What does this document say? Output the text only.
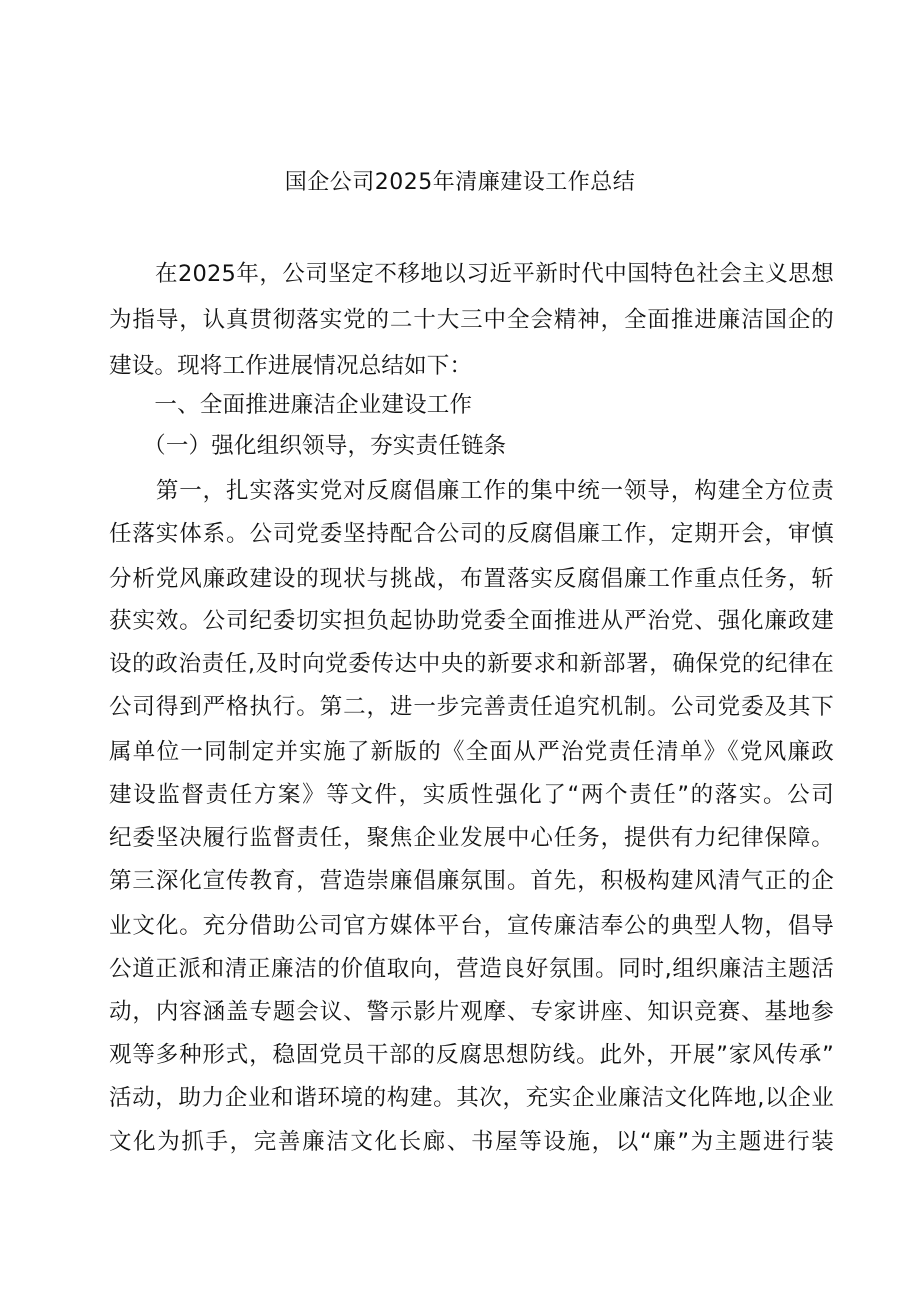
国企公司2025年清廉建设工作总结
　　在2025年，公司坚定不移地以习近平新时代中国特色社会主义思想
为指导，认真贯彻落实党的二十大三中全会精神，全面推进廉洁国企的
建设。现将工作进展情况总结如下：
　　一、全面推进廉洁企业建设工作
　　（一）强化组织领导，夯实责任链条
　　第一，扎实落实党对反腐倡廉工作的集中统一领导，构建全方位责
任落实体系。公司党委坚持配合公司的反腐倡廉工作，定期开会，审慎
分析党风廉政建设的现状与挑战，布置落实反腐倡廉工作重点任务，斩
获实效。公司纪委切实担负起协助党委全面推进从严治党、强化廉政建
设的政治责任,及时向党委传达中央的新要求和新部署，确保党的纪律在
公司得到严格执行。第二，进一步完善责任追究机制。公司党委及其下
属单位一同制定并实施了新版的《全面从严治党责任清单》《党风廉政
建设监督责任方案》等文件，实质性强化了“两个责任”的落实。公司
纪委坚决履行监督责任，聚焦企业发展中心任务，提供有力纪律保障。
第三深化宣传教育，营造崇廉倡廉氛围。首先，积极构建风清气正的企
业文化。充分借助公司官方媒体平台，宣传廉洁奉公的典型人物，倡导
公道正派和清正廉洁的价值取向，营造良好氛围。同时,组织廉洁主题活
动，内容涵盖专题会议、警示影片观摩、专家讲座、知识竞赛、基地参
观等多种形式，稳固党员干部的反腐思想防线。此外，开展”家风传承”
活动，助力企业和谐环境的构建。其次，充实企业廉洁文化阵地,以企业
文化为抓手，完善廉洁文化长廊、书屋等设施，以“廉”为主题进行装
